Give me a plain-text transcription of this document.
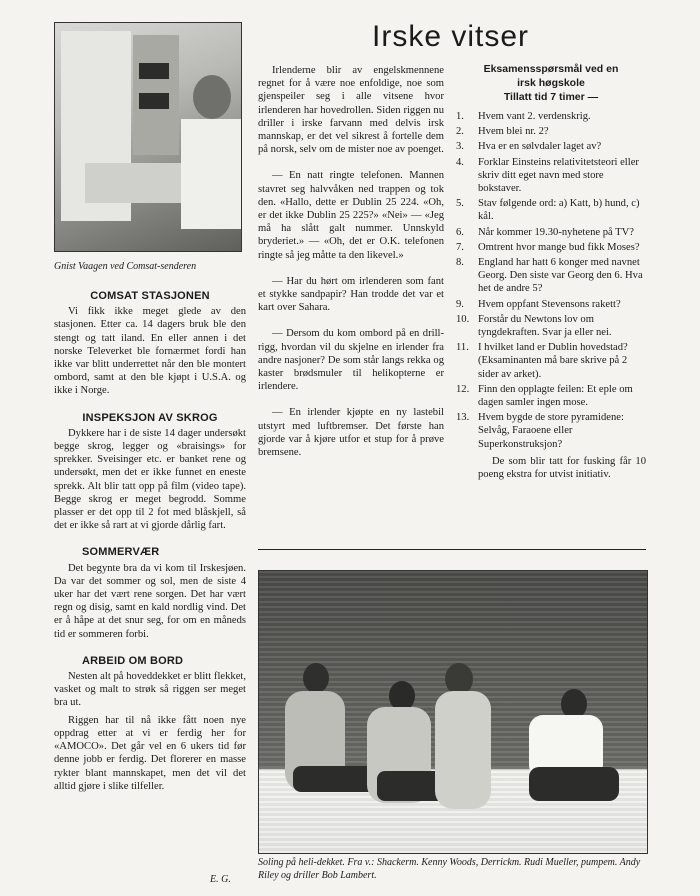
Gnist Vaagen ved Comsat-senderen
COMSAT STASJONEN

Vi fikk ikke meget glede av den stasjonen. Etter ca. 14 dagers bruk ble den stengt og tatt iland. En eller annen i det norske Televerket ble fornærmet fordi han ikke var blitt underrettet når den ble montert ombord, samt at den ble kjøpt i U.S.A. og ikke i Norge.

INSPEKSJON AV SKROG

Dykkere har i de siste 14 dager undersøkt begge skrog, legger og «braisings» for sprekker. Sveisinger etc. er banket rene og undersøkt, men det er ikke funnet en eneste sprekk. Alt blir tatt opp på film (video tape). Begge skrog er meget begrodd. Somme plasser er det opp til 2 fot med blåskjell, så det er ikke så rart at vi gjorde dårlig fart.

SOMMERVÆR

Det begynte bra da vi kom til Irskesjøen. Da var det sommer og sol, men de siste 4 uker har det vært rene sorgen. Det har vært regn og disig, samt en kald nordlig vind. Det er å håpe at det snur seg, for om en måneds tid er sommeren forbi.

ARBEID OM BORD

Nesten alt på hoveddekket er blitt flekket, vasket og malt to strøk så riggen ser meget bra ut.

Riggen har til nå ikke fått noen nye oppdrag etter at vi er ferdig her for «AMOCO». Det går vel en 6 ukers tid før denne jobb er ferdig. Det florerer en masse rykter blant mannskapet, men det vil det alltid gjøre i slike tilfeller.

E. G.
Irske vitser

Irlenderne blir av engelskmennene regnet for å være noe enfoldige, noe som gjenspeiler seg i alle vitsene hvor irlenderen har hovedrollen. Siden riggen nu driller i irske farvann med delvis irsk mannskap, er det vel sikrest å fortelle dem på norsk, selv om de mister noe av poenget.

— En natt ringte telefonen. Mannen stavret seg halvvåken ned trappen og tok den. «Hallo, dette er Dublin 25 224. «Oh, er det ikke Dublin 25 225?» «Nei» — «Jeg må ha slått galt nummer. Unnskyld bryderiet.» — «Oh, det er O.K. telefonen ringte så jeg måtte ta den likevel.»

— Har du hørt om irlenderen som fant et stykke sandpapir? Han trodde det var et kart over Sahara.

— Dersom du kom ombord på en drill-rigg, hvordan vil du skjelne en irlender fra andre nasjoner? De som står langs rekka og kaster brødsmuler til helikopterne er irlendere.

— En irlender kjøpte en ny lastebil utstyrt med luftbremser. Det første han gjorde var å kjøre utfor et stup for å prøve bremsene.

Eksamensspørsmål ved en
irsk høgskole
Tillatt tid 7 timer —
1.	Hvem vant 2. verdenskrig.
2.	Hvem blei nr. 2?
3.	Hva er en sølvdaler laget av?
4.	Forklar Einsteins relativitetsteori eller skriv ditt eget navn med store bokstaver.
5.	Stav følgende ord: a) Katt, b) hund, c) kål.
6.	Når kommer 19.30-nyhetene på TV?
7.	Omtrent hvor mange bud fikk Moses?
8.	England har hatt 6 konger med navnet Georg. Den siste var Georg den 6. Hva het de andre 5?
9.	Hvem oppfant Stevensons rakett?
10. Forstår du Newtons lov om tyngdekraften. Svar ja eller nei.
11. I hvilket land er Dublin hovedstad? (Eksaminanten må bare skrive på 2 sider av arket).
12. Finn den opplagte feilen: Et eple om dagen samler ingen mose.
13. Hvem bygde de store pyramidene: Selvåg, Faraoene eller Superkonstruksjon?
De som blir tatt for fusking får 10 poeng ekstra for utvist initiativ.
Soling på heli-dekket. Fra v.: Shackerm. Kenny Woods, Derrickm. Rudi Mueller, pumpem. Andy Riley og driller Bob Lambert.
